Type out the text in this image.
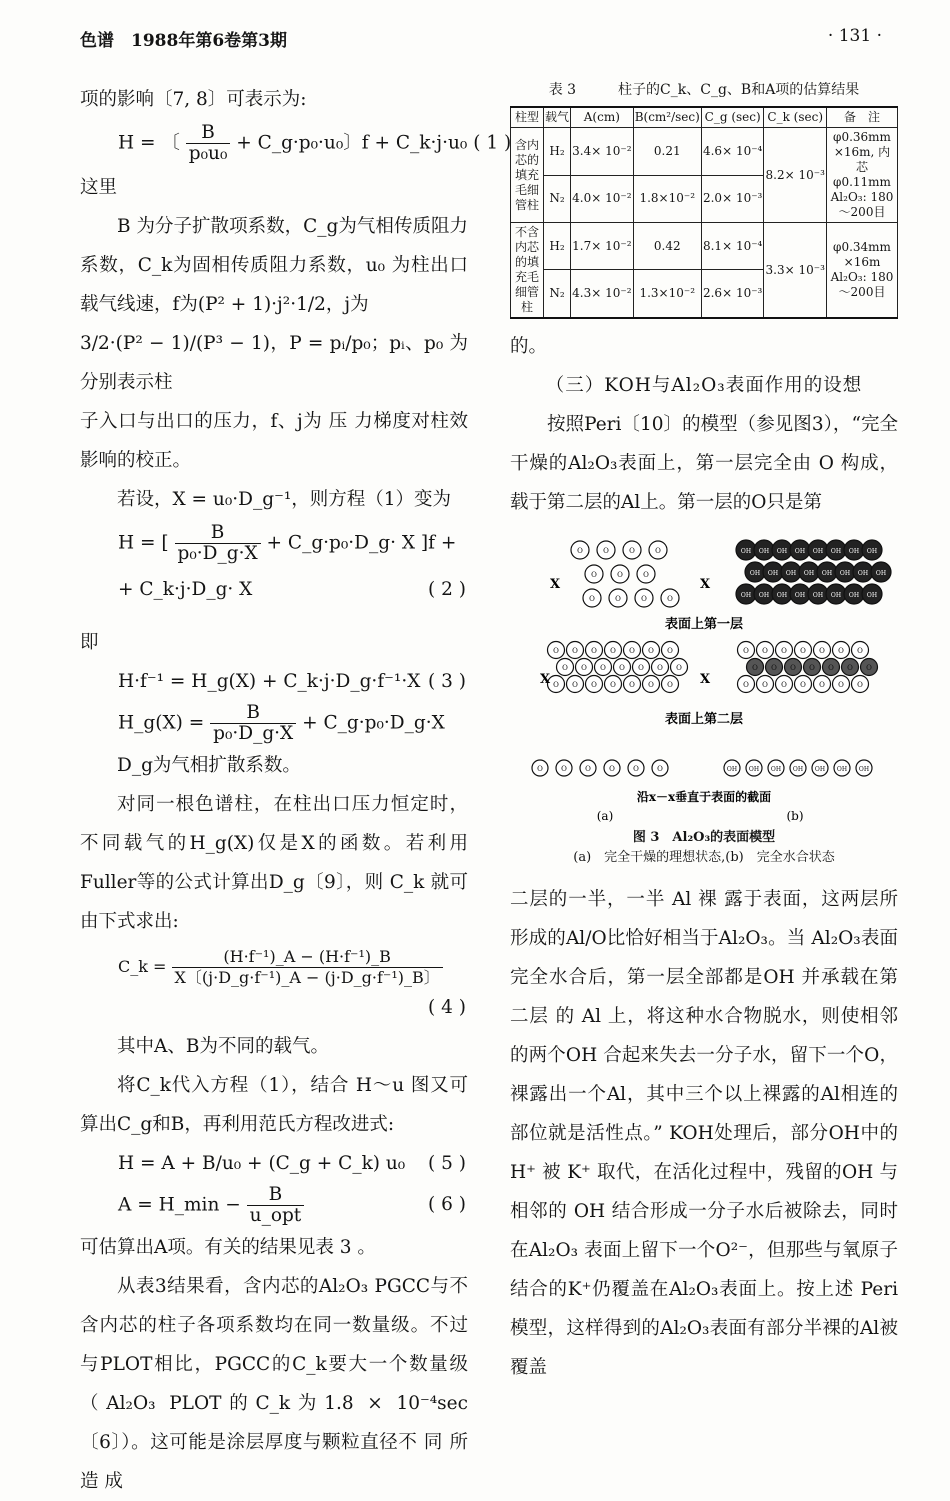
色谱　1988年第6卷第3期	· 131 ·

项的影响〔7, 8〕可表示为:

H = 〔 $\frac{B}{\text{p₀u₀}}$ + C_g·p₀·u₀〕f + C_k·j·u₀ ( 1 )

这里

B 为分子扩散项系数，C_g为气相传质阻力系数，C_k为固相传质阻力系数，u₀ 为柱出口载气线速，f为(P² + 1)·j²·1/2，j为

3/2·(P² − 1)/(P³ − 1)，P = pᵢ/p₀；pᵢ、p₀ 为分别表示柱

子入口与出口的压力，f、j为 压 力梯度对柱效影响的校正。

若设，X = u₀·D_g⁻¹，则方程（1）变为

H = [ $\frac{B}{\text{p₀·D\_g·X}}$ + C_g·p₀·D_g· X ]f +
+ C_k·j·D_g· X	( 2 )

即

H·f⁻¹ = H_g(X) + C_k·j·D_g·f⁻¹·X ( 3 )
H_g(X) = $\frac{B}{\text{p₀·D\_g·X}}$ + C_g·p₀·D_g·X

D_g为气相扩散系数。

对同一根色谱柱，在柱出口压力恒定时，不同载气的H_g(X)仅是X的函数。若利用Fuller等的公式计算出D_g〔9〕，则 C_k 就可由下式求出:

C_k = $\frac{\text{(H·f⁻¹)\_A − (H·f⁻¹)\_B}}{\text{X〔(j·D\_g·f⁻¹)\_A − (j·D\_g·f⁻¹)\_B〕}}$
( 4 )

其中A、B为不同的载气。

将C_k代入方程（1），结合 H～u 图又可算出C_g和B，再利用范氏方程改进式:

H = A + B/u₀ + (C_g + C_k) u₀ ( 5 )
A = H_min − $\frac{B}{\text{u\_opt}}$	( 6 )

可估算出A项。有关的结果见表 3 。

从表3结果看，含内芯的Al₂O₃ PGCC与不含内芯的柱子各项系数均在同一数量级。不过与PLOT相比，PGCC的C_k要大一个数量级（Al₂O₃ PLOT的C_k为1.8 × 10⁻⁴sec〔6〕）。这可能是涂层厚度与颗粒直径不 同 所 造 成

表 3　　　柱子的C_k、C_g、B和A项的估算结果
柱型	载气	A(cm)	B(cm²/sec)	C_g (sec)	C_k (sec)	备　注
含内芯的填充毛细管柱	H₂	3.4× 10⁻²	0.21	4.6× 10⁻⁴	8.2× 10⁻³	φ0.36mm ×16m, 内芯 φ0.11mm Al₂O₃: 180～200目
	N₂	4.0× 10⁻²	1.8×10⁻²	2.0× 10⁻³		
不含内芯的填充毛细管柱	H₂	1.7× 10⁻²	0.42	8.1× 10⁻⁴	3.3× 10⁻³	φ0.34mm ×16m Al₂O₃: 180～200目
	N₂	4.3× 10⁻²	1.3×10⁻²	2.6× 10⁻³		

的。

（三）KOH与Al₂O₃表面作用的设想

按照Peri〔10〕的模型（参见图3），“完全干燥的Al₂O₃表面上，第一层完全由 O 构成，载于第二层的Al上。第一层的O只是第

O
O
O
O
O
O
O
O
O	O	O
O O O O O O O
O O O O O O O
O O O O O O O
O	O	O	O	O	O
OH OH OH OH OH OH OH OH
OH OH OH OH OH OH OH OH
OH OH OH OH OH OH OH OH
O O O O O O O
O O O O O O O
O O O O O O O
OH OH OH OH OH OH OH
X	X
表面上第一层
X	X
表面上第二层
沿x－x垂直于表面的截面
(a)	(b)
图 3　Al₂O₃的表面模型
(a)　完全干燥的理想状态,(b)　完全水合状态

二层的一半，一半 Al 裸 露于表面，这两层所形成的Al/O比恰好相当于Al₂O₃。当 Al₂O₃表面完全水合后，第一层全部都是OH 并承载在第二层 的 Al 上，将这种水合物脱水，则使相邻的两个OH 合起来失去一分子水，留下一个O，裸露出一个Al，其中三个以上裸露的Al相连的部位就是活性点。” KOH处理后，部分OH中的H⁺ 被 K⁺ 取代，在活化过程中，残留的OH 与相邻的 OH 结合形成一分子水后被除去，同时在Al₂O₃ 表面上留下一个O²⁻，但那些与氧原子结合的K⁺仍覆盖在Al₂O₃表面上。按上述 Peri模型，这样得到的Al₂O₃表面有部分半裸的Al被覆盖
